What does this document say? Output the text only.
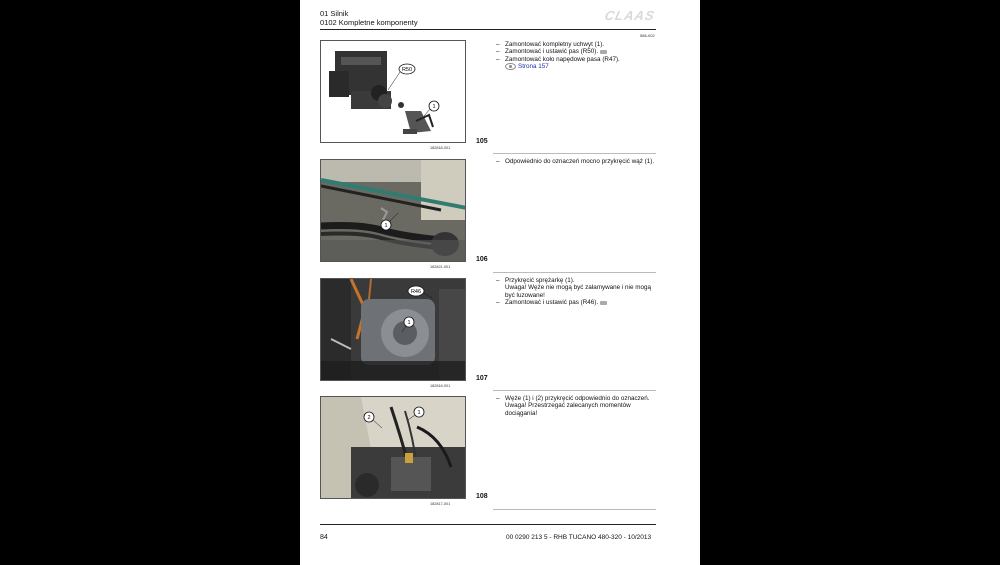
01 Silnik
0102 Kompletne komponenty	CLAAS
586-002
R50
1
182818-001
105
– Zamontować kompletny uchwyt (1).
– Zamontować i ustawić pas (R50).
– Zamontować koło napędowe pasa (R47).
Strona 157
1
182821-001
106
– Odpowiednio do oznaczeń mocno przykręcić wąż (1).
R46
1
182816-001
107
– Przykręcić sprężarkę (1).
Uwaga! Węże nie mogą być załamywane i nie mogą być luzowane!
– Zamontować i ustawić pas (R46).
2
1
182817-001
108
– Węże (1) i (2) przykręcić odpowiednio do oznaczeń.
Uwaga! Przestrzegać zalecanych momentów dociągania!
84	00 0290 213 5 - RHB TUCANO 480-320 - 10/2013
